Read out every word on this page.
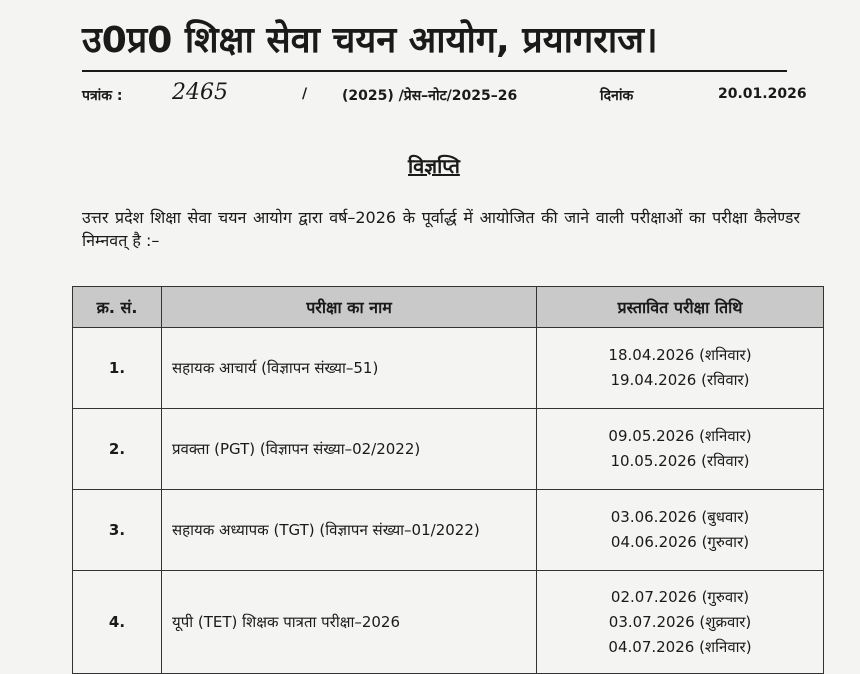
उ0प्र0 शिक्षा सेवा चयन आयोग, प्रयागराज।
पत्रांक : 2465	/ (2025) /प्रेस–नोट/2025–26	दिनांक	20.01.2026
विज्ञप्ति
उत्तर प्रदेश शिक्षा सेवा चयन आयोग द्वारा वर्ष–2026 के पूर्वार्द्ध में आयोजित की जाने वाली परीक्षाओं का परीक्षा कैलेण्डर निम्नवत् है :–
क्र. सं.	परीक्षा का नाम	प्रस्तावित परीक्षा तिथि
1.	सहायक आचार्य (विज्ञापन संख्या–51)	18.04.2026 (शनिवार)
19.04.2026 (रविवार)

2.	प्रवक्ता (PGT) (विज्ञापन संख्या–02/2022)	09.05.2026 (शनिवार)
10.05.2026 (रविवार)

3.	सहायक अध्यापक (TGT) (विज्ञापन संख्या–01/2022)	03.06.2026 (बुधवार)
04.06.2026 (गुरुवार)

4.	यूपी (TET) शिक्षक पात्रता परीक्षा–2026	02.07.2026 (गुरुवार)
03.07.2026 (शुक्रवार)
04.07.2026 (शनिवार)
